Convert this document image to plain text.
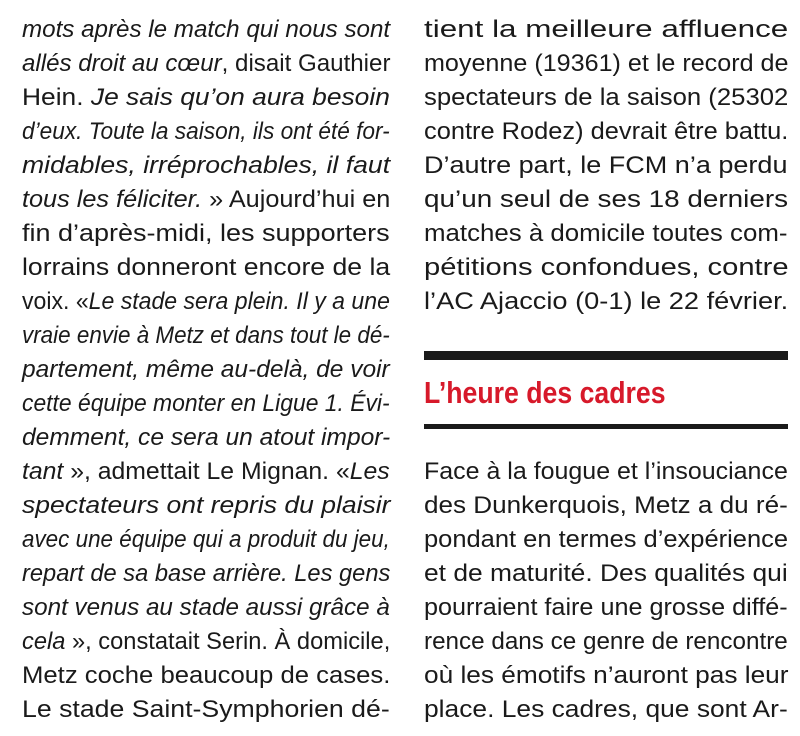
mots après le match qui nous sont
allés droit au cœur, disait Gauthier
Hein. Je sais qu’on aura besoin
d’eux. Toute la saison, ils ont été for-
midables, irréprochables, il faut
tous les féliciter. » Aujourd’hui en
fin d’après-midi, les supporters
lorrains donneront encore de la
voix. «Le stade sera plein. Il y a une
vraie envie à Metz et dans tout le dé-
partement, même au-delà, de voir
cette équipe monter en Ligue 1. Évi-
demment, ce sera un atout impor-
tant », admettait Le Mignan. «Les
spectateurs ont repris du plaisir
avec une équipe qui a produit du jeu,
repart de sa base arrière. Les gens
sont venus au stade aussi grâce à
cela », constatait Serin. À domicile,
Metz coche beaucoup de cases.
Le stade Saint-Symphorien dé-
tient la meilleure affluence
moyenne (19361) et le record de
spectateurs de la saison (25302
contre Rodez) devrait être battu.
D’autre part, le FCM n’a perdu
qu’un seul de ses 18 derniers
matches à domicile toutes com-
pétitions confondues, contre
l’AC Ajaccio (0-1) le 22 février.
L’heure des cadres
Face à la fougue et l’insouciance
des Dunkerquois, Metz a du ré-
pondant en termes d’expérience
et de maturité. Des qualités qui
pourraient faire une grosse diffé-
rence dans ce genre de rencontre
où les émotifs n’auront pas leur
place. Les cadres, que sont Ar-
